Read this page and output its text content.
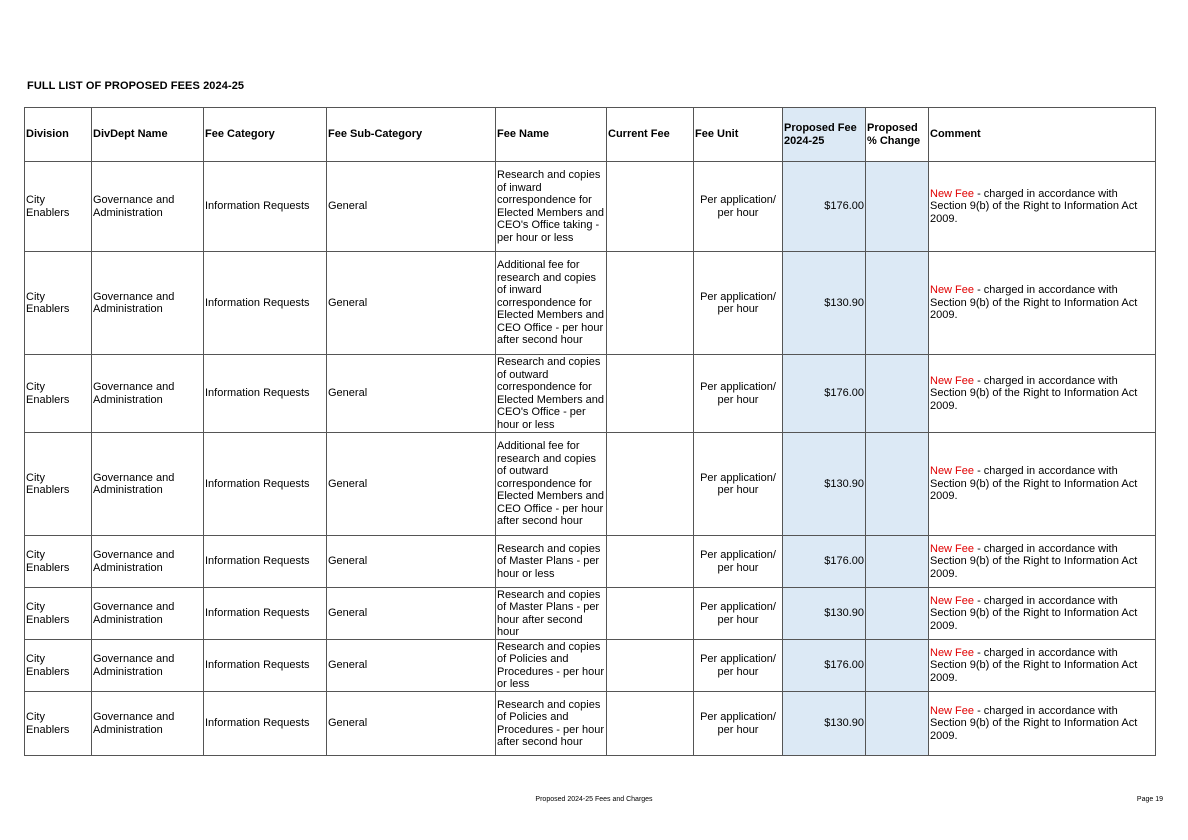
FULL LIST OF PROPOSED FEES 2024-25
Division	DivDept Name	Fee Category	Fee Sub-Category	Fee Name	Current Fee	Fee Unit	Proposed Fee 2024-25	Proposed % Change	Comment
City Enablers	Governance and Administration	Information Requests	General	Research and copies of inward correspondence for Elected Members and CEO's Office taking - per hour or less		Per application/ per hour	$176.00		New Fee - charged in accordance with Section 9(b) of the Right to Information Act 2009.
City Enablers	Governance and Administration	Information Requests	General	Additional fee for research and copies of inward correspondence for Elected Members and CEO Office - per hour after second hour		Per application/ per hour	$130.90		New Fee - charged in accordance with Section 9(b) of the Right to Information Act 2009.
City Enablers	Governance and Administration	Information Requests	General	Research and copies of outward correspondence for Elected Members and CEO's Office - per hour or less		Per application/ per hour	$176.00		New Fee - charged in accordance with Section 9(b) of the Right to Information Act 2009.
City Enablers	Governance and Administration	Information Requests	General	Additional fee for research and copies of outward correspondence for Elected Members and CEO Office - per hour after second hour		Per application/ per hour	$130.90		New Fee - charged in accordance with Section 9(b) of the Right to Information Act 2009.
City Enablers	Governance and Administration	Information Requests	General	Research and copies of Master Plans - per hour or less		Per application/ per hour	$176.00		New Fee - charged in accordance with Section 9(b) of the Right to Information Act 2009.
City Enablers	Governance and Administration	Information Requests	General	Research and copies of Master Plans - per hour after second hour		Per application/ per hour	$130.90		New Fee - charged in accordance with Section 9(b) of the Right to Information Act 2009.
City Enablers	Governance and Administration	Information Requests	General	Research and copies of Policies and Procedures - per hour or less		Per application/ per hour	$176.00		New Fee - charged in accordance with Section 9(b) of the Right to Information Act 2009.
City Enablers	Governance and Administration	Information Requests	General	Research and copies of Policies and Procedures - per hour after second hour		Per application/ per hour	$130.90		New Fee - charged in accordance with Section 9(b) of the Right to Information Act 2009.
Proposed 2024-25 Fees and Charges	Page 19
